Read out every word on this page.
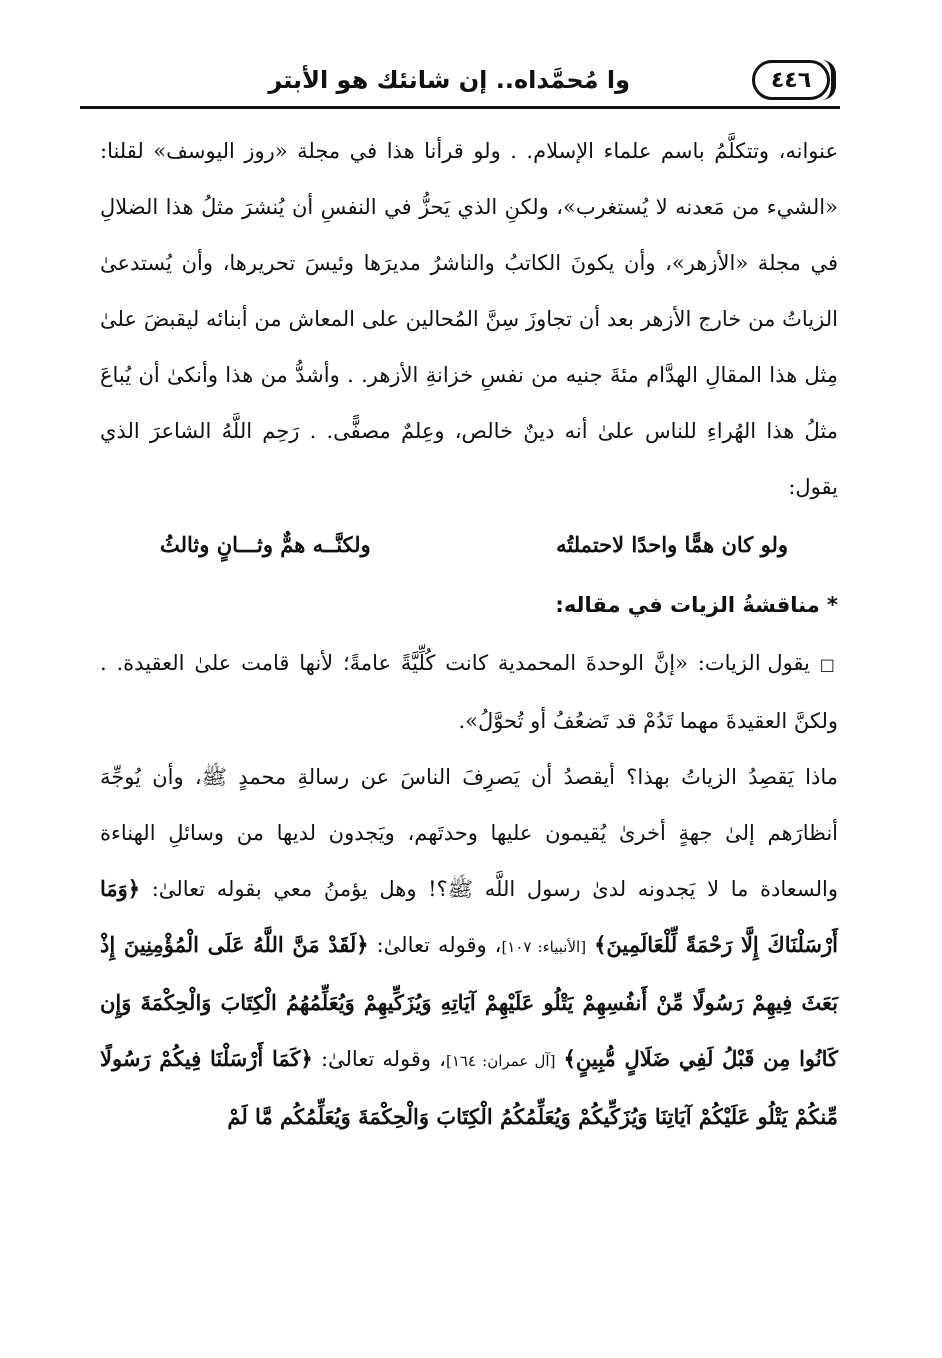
٤٤٦
وا مُحمَّداه.. إن شانئك هو الأبتر

عنوانه، وتتكلَّمُ باسم علماء الإسلام. . ولو قرأنا هذا في مجلة «روز اليوسف» لقلنا: «الشيء من مَعدنه لا يُستغرب»، ولكنِ الذي يَحزُّ في النفسِ أن يُنشرَ مثلُ هذا الضلالِ في مجلة «الأزهر»، وأن يكونَ الكاتبُ والناشرُ مديرَها وئيسَ تحريرها، وأن يُستدعىٰ الزياتُ من خارج الأزهر بعد أن تجاوزَ سِنَّ المُحالين على المعاش من أبنائه ليقبضَ علىٰ مِثل هذا المقالِ الهدَّام مئةَ جنيه من نفسِ خزانةِ الأزهر. . وأشدُّ من هذا وأنكىٰ أن يُباعَ مثلُ هذا الهُراءِ للناس علىٰ أنه دينٌ خالص، وعِلمٌ مصفًّى. . رَحِم اللَّهُ الشاعرَ الذي يقول:

ولو كان همًّا واحدًا لاحتملتُه
ولكنَّــه همٌّ وثـــانٍ وثالثُ
* مناقشةُ الزيات في مقاله:

□ يقول الزيات: «إنَّ الوحدةَ المحمدية كانت كُلِّيَّةً عامةً؛ لأنها قامت علىٰ العقيدة. . ولكنَّ العقيدةَ مهما تَدُمْ قد تَضعُفُ أو تُحوَّلُ».

ماذا يَقصِدُ الزياتُ بهذا؟ أيقصدُ أن يَصرِفَ الناسَ عن رسالةِ محمدٍ ﷺ، وأن يُوجِّهَ أنظارَهم إلىٰ جهةٍ أخرىٰ يُقيمون عليها وحدتَهم، ويَجدون لديها من وسائلِ الهناءة والسعادة ما لا يَجدونه لدىٰ رسول اللَّه ﷺ؟! وهل يؤمنُ معي بقوله تعالىٰ: ﴿وَمَا أَرْسَلْنَاكَ إِلَّا رَحْمَةً لِّلْعَالَمِينَ﴾ [الأنبياء: ١٠٧]، وقوله تعالىٰ: ﴿لَقَدْ مَنَّ اللَّهُ عَلَى الْمُؤْمِنِينَ إِذْ بَعَثَ فِيهِمْ رَسُولًا مِّنْ أَنفُسِهِمْ يَتْلُو عَلَيْهِمْ آيَاتِهِ وَيُزَكِّيهِمْ وَيُعَلِّمُهُمُ الْكِتَابَ وَالْحِكْمَةَ وَإِن كَانُوا مِن قَبْلُ لَفِي ضَلَالٍ مُّبِينٍ﴾ [آل عمران: ١٦٤]، وقوله تعالىٰ: ﴿كَمَا أَرْسَلْنَا فِيكُمْ رَسُولًا مِّنكُمْ يَتْلُو عَلَيْكُمْ آيَاتِنَا وَيُزَكِّيكُمْ وَيُعَلِّمُكُمُ الْكِتَابَ وَالْحِكْمَةَ وَيُعَلِّمُكُم مَّا لَمْ
